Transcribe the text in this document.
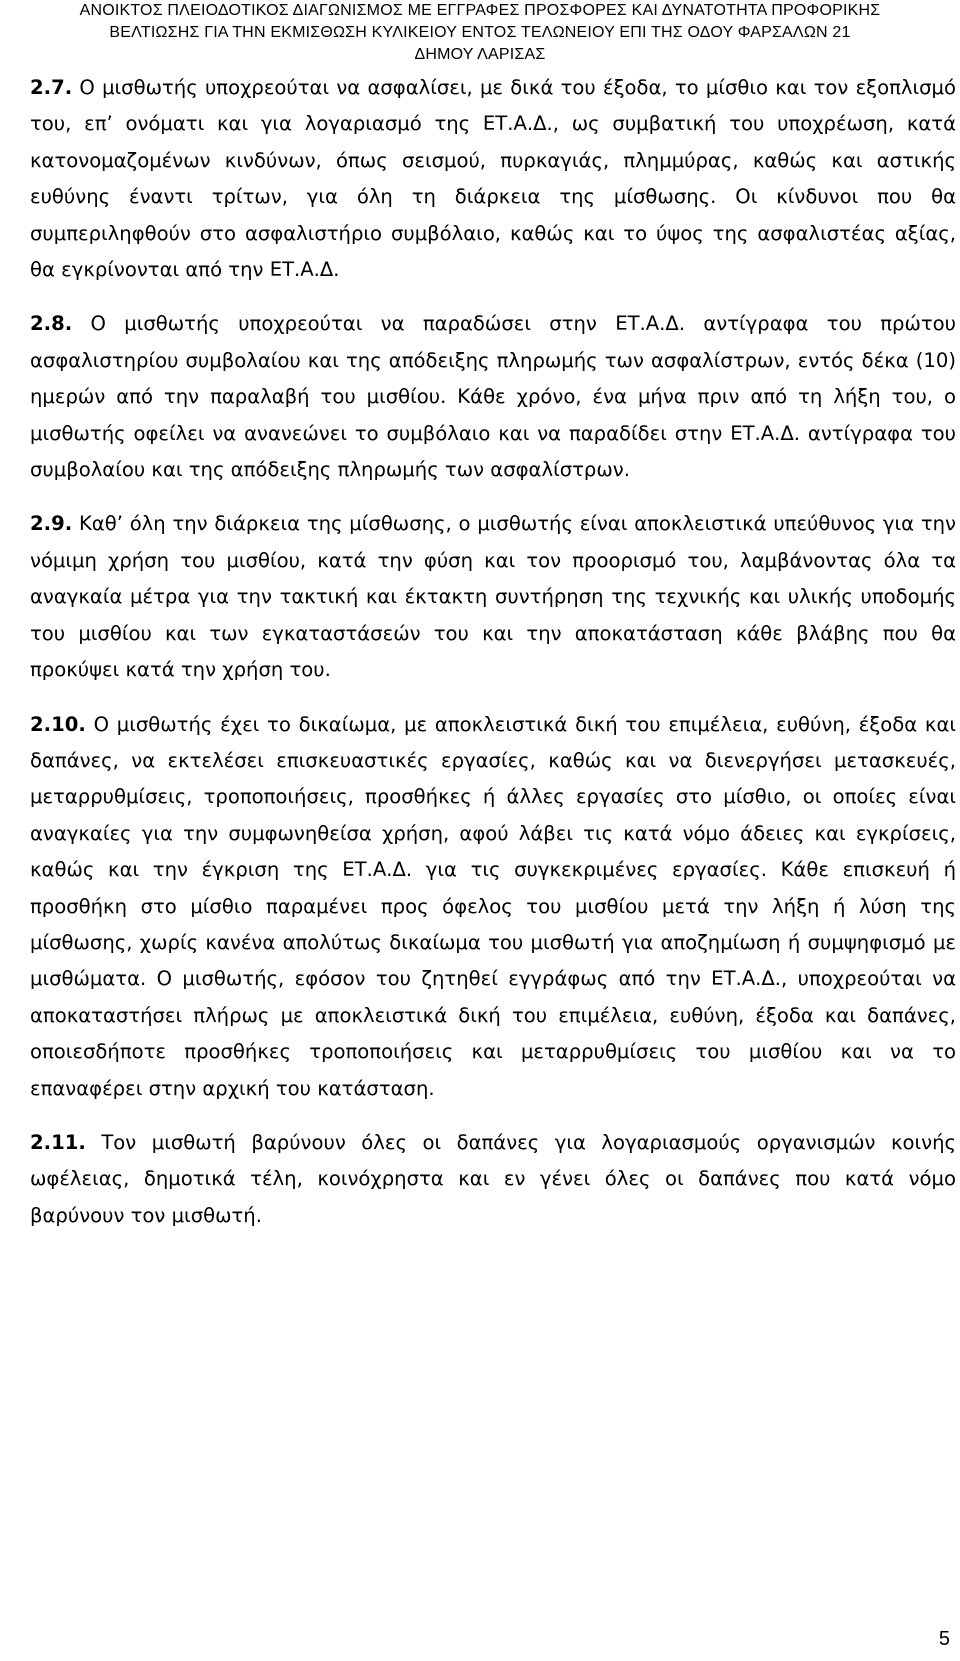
ΑΝΟΙΚΤΟΣ ΠΛΕΙΟΔΟΤΙΚΟΣ ΔΙΑΓΩΝΙΣΜΟΣ ΜΕ ΕΓΓΡΑΦΕΣ ΠΡΟΣΦΟΡΕΣ ΚΑΙ ΔΥΝΑΤΟΤΗΤΑ ΠΡΟΦΟΡΙΚΗΣ
ΒΕΛΤΙΩΣΗΣ ΓΙΑ ΤΗΝ ΕΚΜΙΣΘΩΣΗ ΚΥΛΙΚΕΙΟΥ ΕΝΤΟΣ ΤΕΛΩΝΕΙΟΥ ΕΠΙ ΤΗΣ ΟΔΟΥ ΦΑΡΣΑΛΩΝ 21
ΔΗΜΟΥ ΛΑΡΙΣΑΣ

2.7. Ο μισθωτής υποχρεούται να ασφαλίσει, με δικά του έξοδα, το μίσθιο και τον εξοπλισμό του, επ’ ονόματι και για λογαριασμό της ΕΤ.Α.Δ., ως συμβατική του υποχρέωση, κατά κατονομαζομένων κινδύνων, όπως σεισμού, πυρκαγιάς, πλημμύρας, καθώς και αστικής ευθύνης έναντι τρίτων, για όλη τη διάρκεια της μίσθωσης. Οι κίνδυνοι που θα συμπεριληφθούν στο ασφαλιστήριο συμβόλαιο, καθώς και το ύψος της ασφαλιστέας αξίας, θα εγκρίνονται από την ΕΤ.Α.Δ.

2.8. Ο μισθωτής υποχρεούται να παραδώσει στην ΕΤ.Α.Δ. αντίγραφα του πρώτου ασφαλιστηρίου συμβολαίου και της απόδειξης πληρωμής των ασφαλίστρων, εντός δέκα (10) ημερών από την παραλαβή του μισθίου. Κάθε χρόνο, ένα μήνα πριν από τη λήξη του, ο μισθωτής οφείλει να ανανεώνει το συμβόλαιο και να παραδίδει στην ΕΤ.Α.Δ. αντίγραφα του συμβολαίου και της απόδειξης πληρωμής των ασφαλίστρων.

2.9. Καθ’ όλη την διάρκεια της μίσθωσης, ο μισθωτής είναι αποκλειστικά υπεύθυνος για την νόμιμη χρήση του μισθίου, κατά την φύση και τον προορισμό του, λαμβάνοντας όλα τα αναγκαία μέτρα για την τακτική και έκτακτη συντήρηση της τεχνικής και υλικής υποδομής του μισθίου και των εγκαταστάσεών του και την αποκατάσταση κάθε βλάβης που θα προκύψει κατά την χρήση του.

2.10. Ο μισθωτής έχει το δικαίωμα, με αποκλειστικά δική του επιμέλεια, ευθύνη, έξοδα και δαπάνες, να εκτελέσει επισκευαστικές εργασίες, καθώς και να διενεργήσει μετασκευές, μεταρρυθμίσεις, τροποποιήσεις, προσθήκες ή άλλες εργασίες στο μίσθιο, οι οποίες είναι αναγκαίες για την συμφωνηθείσα χρήση, αφού λάβει τις κατά νόμο άδειες και εγκρίσεις, καθώς και την έγκριση της ΕΤ.Α.Δ. για τις συγκεκριμένες εργασίες. Κάθε επισκευή ή προσθήκη στο μίσθιο παραμένει προς όφελος του μισθίου μετά την λήξη ή λύση της μίσθωσης, χωρίς κανένα απολύτως δικαίωμα του μισθωτή για αποζημίωση ή συμψηφισμό με μισθώματα. Ο μισθωτής, εφόσον του ζητηθεί εγγράφως από την ΕΤ.Α.Δ., υποχρεούται να αποκαταστήσει πλήρως με αποκλειστικά δική του επιμέλεια, ευθύνη, έξοδα και δαπάνες, οποιεσδήποτε προσθήκες τροποποιήσεις και μεταρρυθμίσεις του μισθίου και να το επαναφέρει στην αρχική του κατάσταση.

2.11. Τον μισθωτή βαρύνουν όλες οι δαπάνες για λογαριασμούς οργανισμών κοινής ωφέλειας, δημοτικά τέλη, κοινόχρηστα και εν γένει όλες οι δαπάνες που κατά νόμο βαρύνουν τον μισθωτή.

5
